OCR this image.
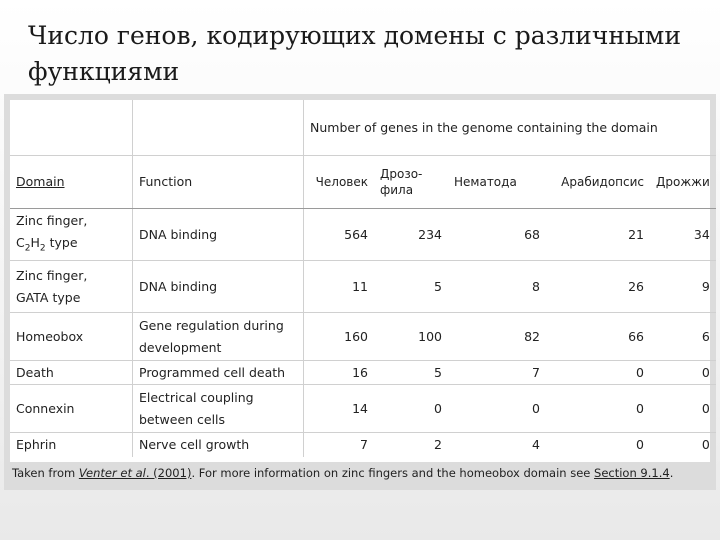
Число генов, кодирующих домены с различными функциями
		Number of genes in the genome containing the domain				
Domain	Function	Человек	Дрозо-фила	Нематода	Арабидопсис	Дрожжи

Zinc finger,
$C_2H_2$ type	DNA binding	564	234	68	21	34

Zinc finger,
GATA type	DNA binding	11	5	8	26	9
Homeobox	Gene regulation during development	160	100	82	66	6
Death	Programmed cell death	16	5	7	0	0
Connexin	Electrical coupling between cells	14	0	0	0	0
Ephrin	Nerve cell growth	7	2	4	0	0
Taken from Venter et al. (2001). For more information on zinc fingers and the homeobox domain see Section 9.1.4.
